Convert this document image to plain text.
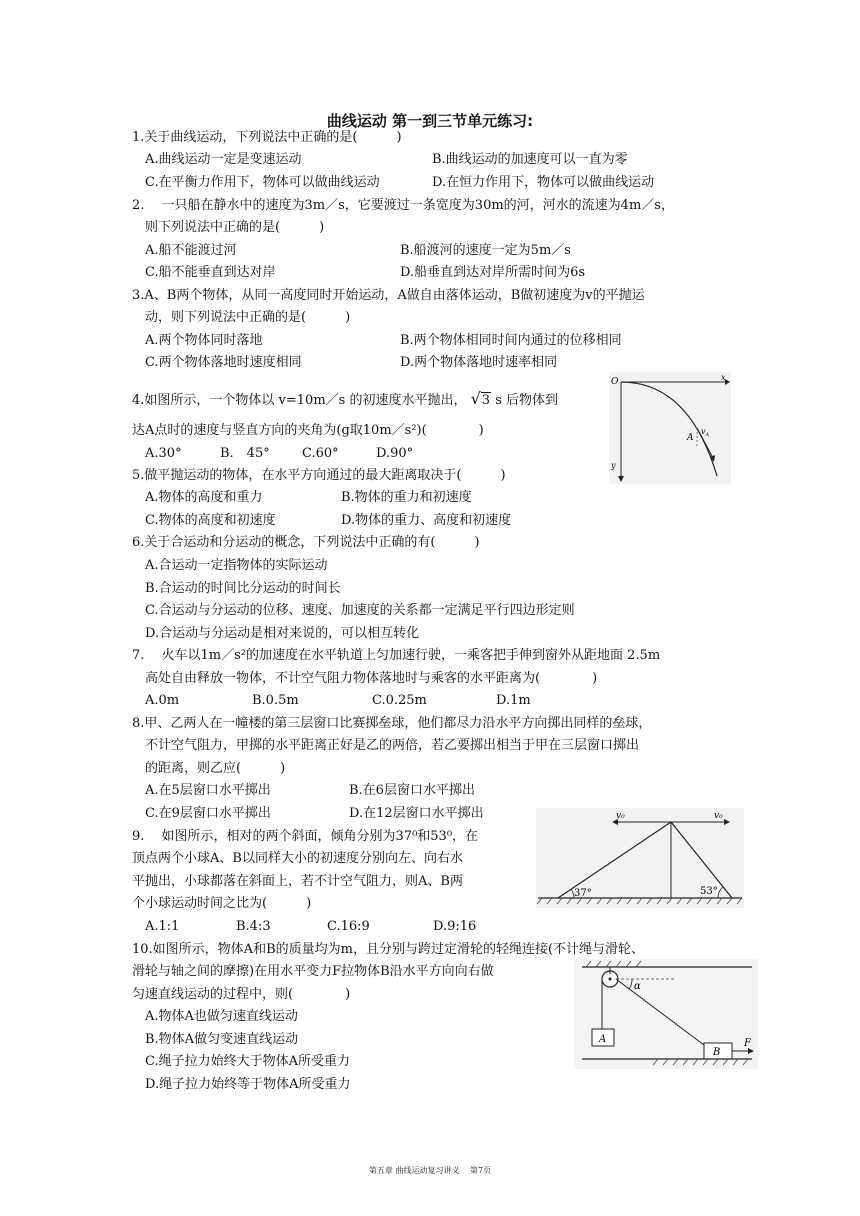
曲线运动 第一到三节单元练习:
1.关于曲线运动，下列说法中正确的是(　　　)
A.曲线运动一定是变速运动	B.曲线运动的加速度可以一直为零
C.在平衡力作用下，物体可以做曲线运动	D.在恒力作用下，物体可以做曲线运动
2.　 一只船在静水中的速度为3m／s，它要渡过一条宽度为30m的河，河水的流速为4m／s，
则下列说法中正确的是(　　　)
A.船不能渡过河	B.船渡河的速度一定为5m／s
C.船不能垂直到达对岸	D.船垂直到达对岸所需时间为6s
3.A、B两个物体，从同一高度同时开始运动，A做自由落体运动，B做初速度为v的平抛运
动，则下列说法中正确的是(　　　)
A.两个物体同时落地	B.两个物体相同时间内通过的位移相同
C.两个物体落地时速度相同	D.两个物体落地时速率相同
4.如图所示，一个物体以 v=10m／s 的初速度水平抛出， √3 s 后物体到
达A点时的速度与竖直方向的夹角为(g取10m／s²)(　　　　)
A.30°	B.　45° C.60°	D.90°
O	x
y
A
$v_A$
5.做平抛运动的物体，在水平方向通过的最大距离取决于(　　　)
A.物体的高度和重力	B.物体的重力和初速度
C.物体的高度和初速度	D.物体的重力、高度和初速度
6.关于合运动和分运动的概念，下列说法中正确的有(　　　)
A.合运动一定指物体的实际运动
B.合运动的时间比分运动的时间长
C.合运动与分运动的位移、速度、加速度的关系都一定满足平行四边形定则
D.合运动与分运动是相对来说的，可以相互转化
7.　 火车以1m／s²的加速度在水平轨道上匀加速行驶，一乘客把手伸到窗外从距地面 2.5m
高处自由释放一物体，不计空气阻力物体落地时与乘客的水平距离为(　　　　)
A.0m	B.0.5m	C.0.25m	D.1m
8.甲、乙两人在一幢楼的第三层窗口比赛掷垒球，他们都尽力沿水平方向掷出同样的垒球，
不计空气阻力，甲掷的水平距离正好是乙的两倍，若乙要掷出相当于甲在三层窗口掷出
的距离，则乙应(　　　)
A.在5层窗口水平掷出	B.在6层窗口水平掷出
C.在9层窗口水平掷出	D.在12层窗口水平掷出
9.　 如图所示，相对的两个斜面，倾角分别为37⁰和53⁰，在
顶点两个小球A、B以同样大小的初速度分别向左、向右水
平抛出，小球都落在斜面上，若不计空气阻力，则A、B两
个小球运动时间之比为(　　　)
A.1:1	B.4:3	C.16:9	D.9:16
v₀	v₀
37°	53°
10.如图所示，物体A和B的质量均为m，且分别与跨过定滑轮的轻绳连接(不计绳与滑轮、
滑轮与轴之间的摩擦)在用水平变力F拉物体B沿水平方向向右做
匀速直线运动的过程中，则(　　　　)
A.物体A也做匀速直线运动
B.物体A做匀变速直线运动
C.绳子拉力始终大于物体A所受重力
D.绳子拉力始终等于物体A所受重力
α
A
B
F
第五章 曲线运动复习讲义　 第7页
